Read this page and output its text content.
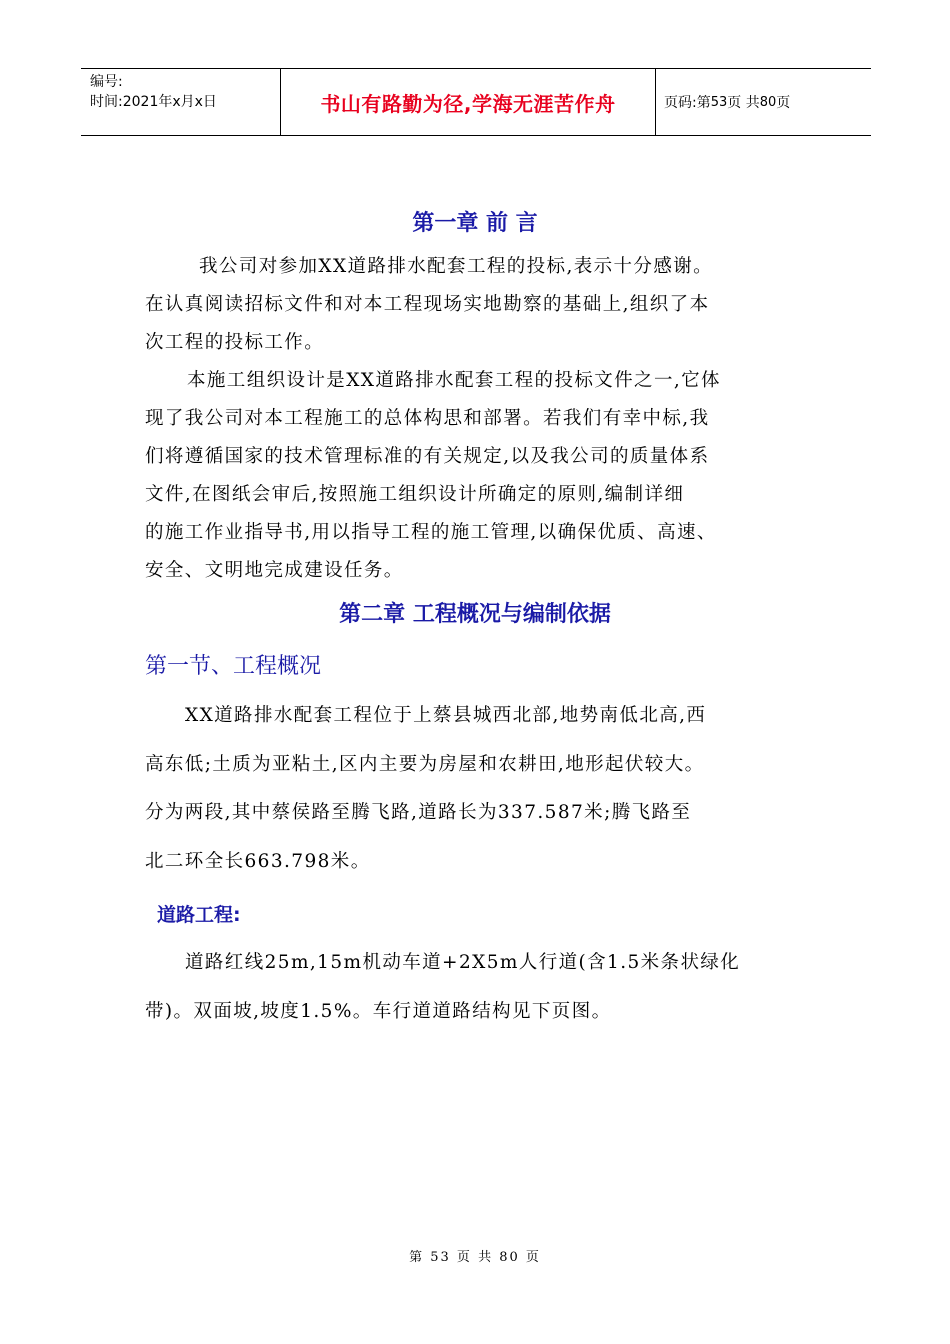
编号:
时间:2021年x月x日	书山有路勤为径,学海无涯苦作舟	页码:第 53 页 共 80 页
第一章 前 言
我公司对参加XX道路排水配套工程的投标,表示十分感谢。
在认真阅读招标文件和对本工程现场实地勘察的基础上,组织了本
次工程的投标工作。
本施工组织设计是XX道路排水配套工程的投标文件之一,它体
现了我公司对本工程施工的总体构思和部署。若我们有幸中标,我
们将遵循国家的技术管理标准的有关规定,以及我公司的质量体系
文件,在图纸会审后,按照施工组织设计所确定的原则,编制详细
的施工作业指导书,用以指导工程的施工管理,以确保优质、高速、
安全、文明地完成建设任务。
第二章 工程概况与编制依据
第一节、工程概况
XX道路排水配套工程位于上蔡县城西北部,地势南低北高,西
高东低;土质为亚粘土,区内主要为房屋和农耕田,地形起伏较大。
分为两段,其中蔡侯路至腾飞路,道路长为337.587米;腾飞路至
北二环全长663.798米。
道路工程:
道路红线25m,15m机动车道+2X5m人行道(含1.5米条状绿化
带)。双面坡,坡度1.5%。车行道道路结构见下页图。
第 53 页 共 80 页
